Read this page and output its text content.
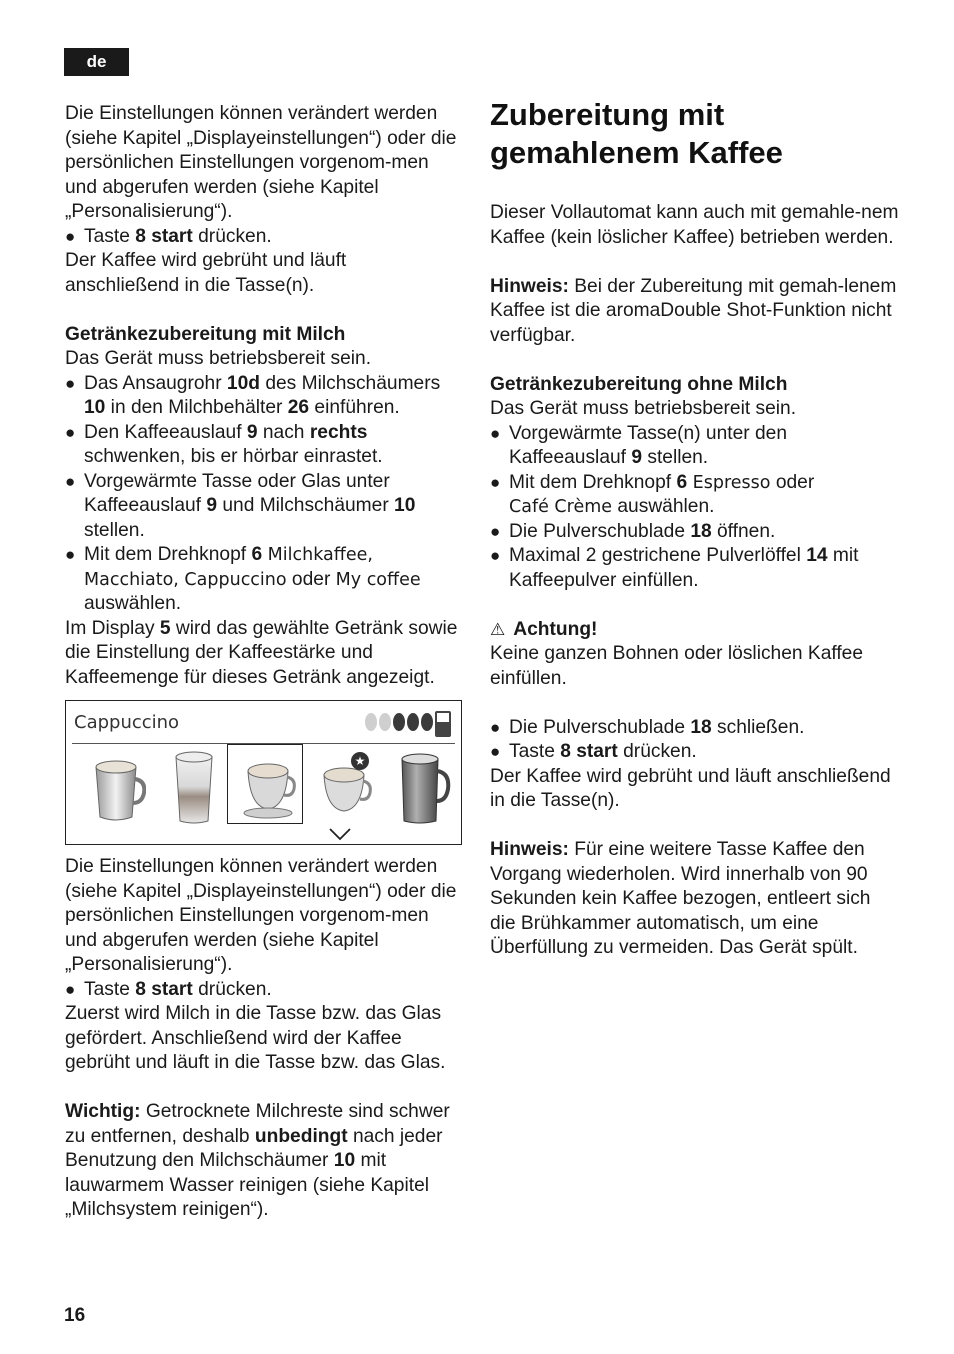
de

Die Einstellungen können verändert werden (siehe Kapitel „Displayeinstellungen“) oder die persönlichen Einstellungen vorgenom-men und abgerufen werden (siehe Kapitel „Personalisierung“).

● Taste 8 start drücken.

Der Kaffee wird gebrüht und läuft anschließend in die Tasse(n).

Getränkezubereitung mit Milch

Das Gerät muss betriebsbereit sein.

● Das Ansaugrohr 10d des Milchschäumers 10 in den Milchbehälter 26 einführen.

● Den Kaffeeauslauf 9 nach rechts schwenken, bis er hörbar einrastet.

● Vorgewärmte Tasse oder Glas unter Kaffeeauslauf 9 und Milchschäumer 10 stellen.

● Mit dem Drehknopf 6 Milchkaffee, Macchiato, Cappuccino oder My coffee auswählen.

Im Display 5 wird das gewählte Getränk sowie die Einstellung der Kaffeestärke und Kaffeemenge für dieses Getränk angezeigt.

Cappuccino
★

Die Einstellungen können verändert werden (siehe Kapitel „Displayeinstellungen“) oder die persönlichen Einstellungen vorgenom-men und abgerufen werden (siehe Kapitel „Personalisierung“).

● Taste 8 start drücken.

Zuerst wird Milch in die Tasse bzw. das Glas gefördert. Anschließend wird der Kaffee gebrüht und läuft in die Tasse bzw. das Glas.

Wichtig: Getrocknete Milchreste sind schwer zu entfernen, deshalb unbedingt nach jeder Benutzung den Milchschäumer 10 mit lauwarmem Wasser reinigen (siehe Kapitel „Milchsystem reinigen“).

Zubereitung mit gemahlenem Kaffee

Dieser Vollautomat kann auch mit gemahle-nem Kaffee (kein löslicher Kaffee) betrieben werden.

Hinweis: Bei der Zubereitung mit gemah-lenem Kaffee ist die aromaDouble Shot-Funktion nicht verfügbar.

Getränkezubereitung ohne Milch

Das Gerät muss betriebsbereit sein.

● Vorgewärmte Tasse(n) unter den Kaffeeauslauf 9 stellen.

● Mit dem Drehknopf 6 Espresso oder
Café Crème auswählen.

● Die Pulverschublade 18 öffnen.

● Maximal 2 gestrichene Pulverlöffel 14 mit Kaffeepulver einfüllen.

⚠ Achtung!

Keine ganzen Bohnen oder löslichen Kaffee einfüllen.

● Die Pulverschublade 18 schließen.

● Taste 8 start drücken.

Der Kaffee wird gebrüht und läuft anschließend in die Tasse(n).

Hinweis: Für eine weitere Tasse Kaffee den Vorgang wiederholen. Wird innerhalb von 90 Sekunden kein Kaffee bezogen, entleert sich die Brühkammer automatisch, um eine Überfüllung zu vermeiden. Das Gerät spült.

16
